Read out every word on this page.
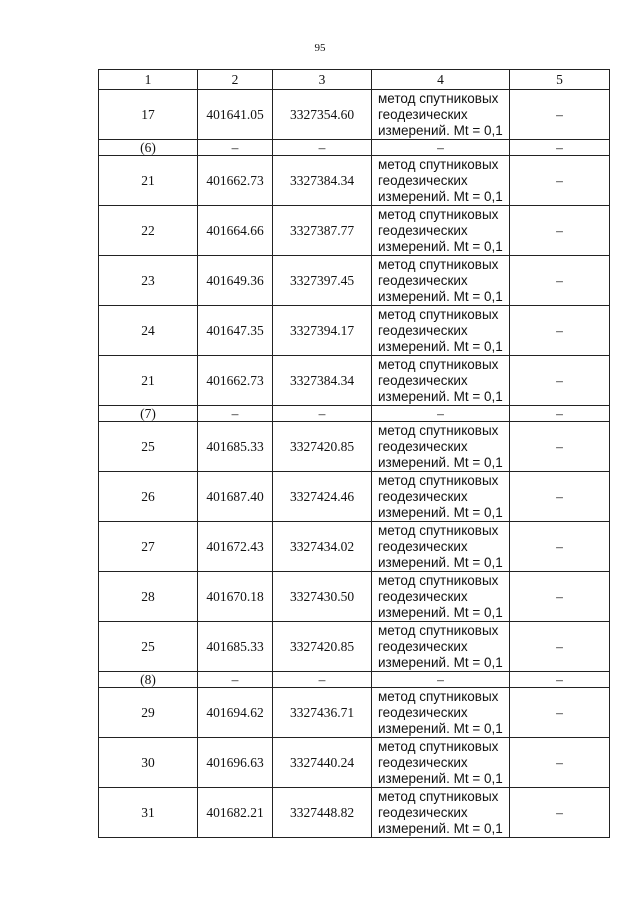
95
1	2	3	4	5
17	401641.05	3327354.60	метод спутниковых
геодезических
измерений. Mt = 0,1	–
(6)	–	–	–	–
21	401662.73	3327384.34	метод спутниковых
геодезических
измерений. Mt = 0,1	–
22	401664.66	3327387.77	метод спутниковых
геодезических
измерений. Mt = 0,1	–
23	401649.36	3327397.45	метод спутниковых
геодезических
измерений. Mt = 0,1	–
24	401647.35	3327394.17	метод спутниковых
геодезических
измерений. Mt = 0,1	–
21	401662.73	3327384.34	метод спутниковых
геодезических
измерений. Mt = 0,1	–
(7)	–	–	–	–
25	401685.33	3327420.85	метод спутниковых
геодезических
измерений. Mt = 0,1	–
26	401687.40	3327424.46	метод спутниковых
геодезических
измерений. Mt = 0,1	–
27	401672.43	3327434.02	метод спутниковых
геодезических
измерений. Mt = 0,1	–
28	401670.18	3327430.50	метод спутниковых
геодезических
измерений. Mt = 0,1	–
25	401685.33	3327420.85	метод спутниковых
геодезических
измерений. Mt = 0,1	–
(8)	–	–	–	–
29	401694.62	3327436.71	метод спутниковых
геодезических
измерений. Mt = 0,1	–
30	401696.63	3327440.24	метод спутниковых
геодезических
измерений. Mt = 0,1	–
31	401682.21	3327448.82	метод спутниковых
геодезических
измерений. Mt = 0,1	–
